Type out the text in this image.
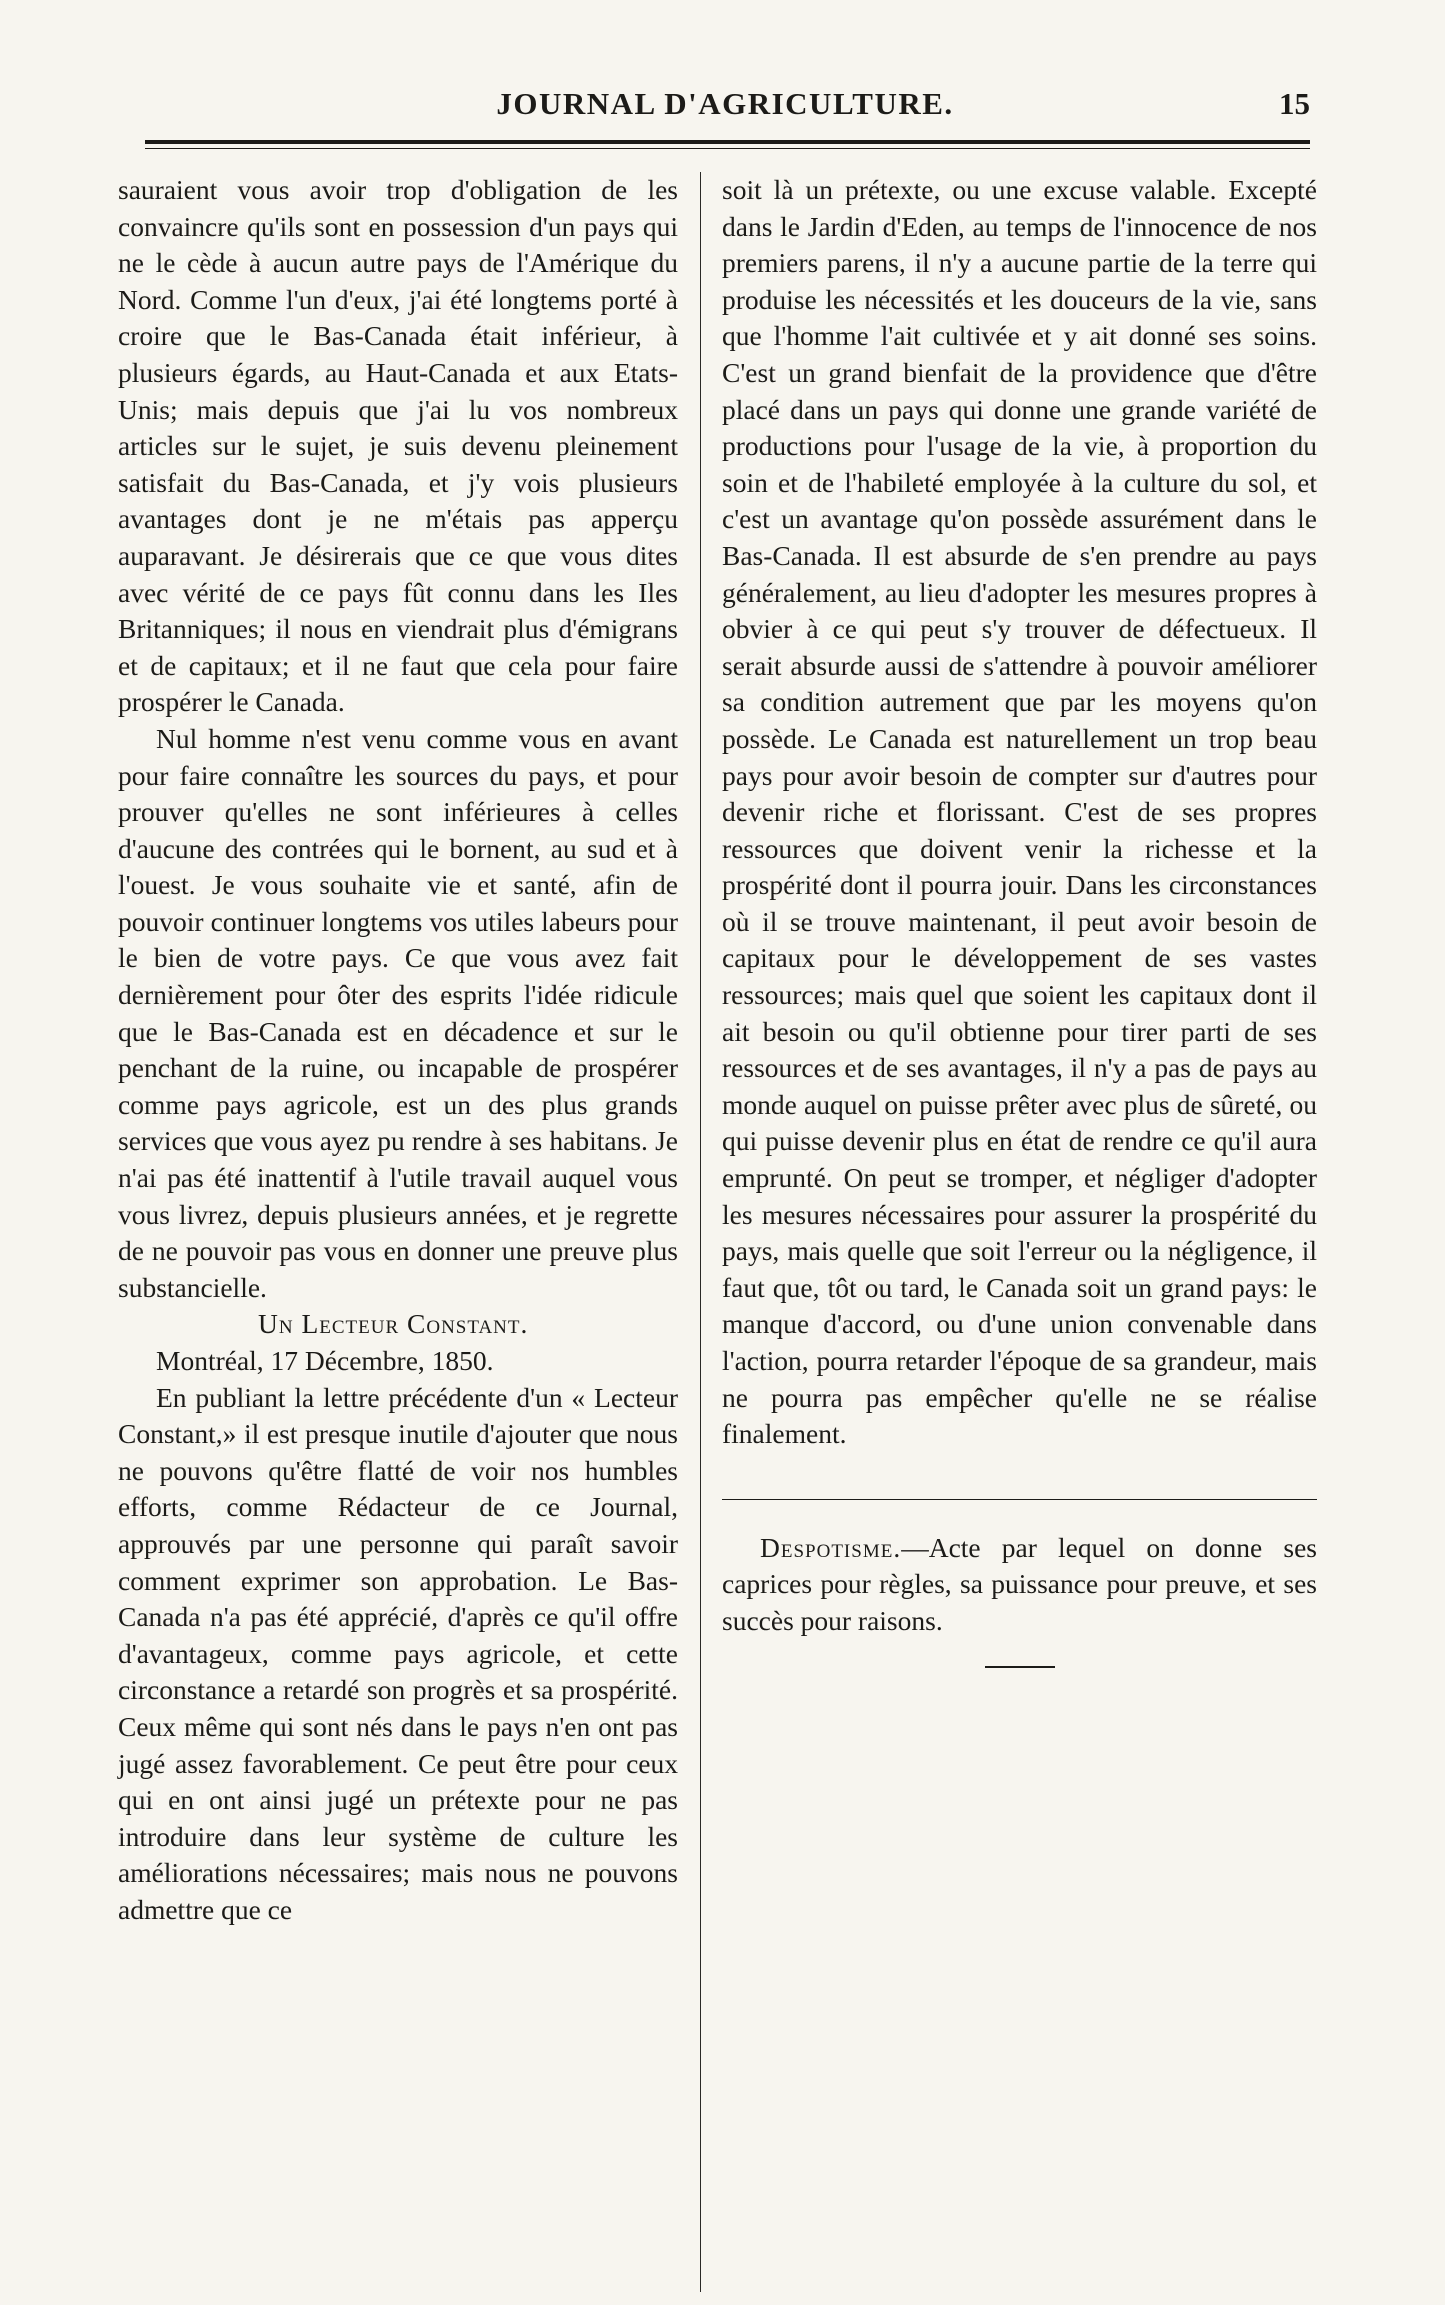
JOURNAL D'AGRICULTURE.	15

sauraient vous avoir trop d'obligation de les convaincre qu'ils sont en possession d'un pays qui ne le cède à aucun autre pays de l'Amérique du Nord. Comme l'un d'eux, j'ai été longtems porté à croire que le Bas-Canada était inférieur, à plusieurs égards, au Haut-Canada et aux Etats-Unis; mais depuis que j'ai lu vos nombreux articles sur le sujet, je suis devenu pleinement satisfait du Bas-Canada, et j'y vois plusieurs avantages dont je ne m'étais pas apperçu auparavant. Je désirerais que ce que vous dites avec vérité de ce pays fût connu dans les Iles Britanniques; il nous en viendrait plus d'émigrans et de capitaux; et il ne faut que cela pour faire prospérer le Canada.

Nul homme n'est venu comme vous en avant pour faire connaître les sources du pays, et pour prouver qu'elles ne sont inférieures à celles d'aucune des contrées qui le bornent, au sud et à l'ouest. Je vous souhaite vie et santé, afin de pouvoir continuer longtems vos utiles labeurs pour le bien de votre pays. Ce que vous avez fait dernièrement pour ôter des esprits l'idée ridicule que le Bas-Canada est en décadence et sur le penchant de la ruine, ou incapable de prospérer comme pays agricole, est un des plus grands services que vous ayez pu rendre à ses habitans. Je n'ai pas été inattentif à l'utile travail auquel vous vous livrez, depuis plusieurs années, et je regrette de ne pouvoir pas vous en donner une preuve plus substancielle.

Un Lecteur Constant.

Montréal, 17 Décembre, 1850.

En publiant la lettre précédente d'un « Lecteur Constant,» il est presque inutile d'ajouter que nous ne pouvons qu'être flatté de voir nos humbles efforts, comme Rédacteur de ce Journal, approuvés par une personne qui paraît savoir comment exprimer son approbation. Le Bas-Canada n'a pas été apprécié, d'après ce qu'il offre d'avantageux, comme pays agricole, et cette circonstance a retardé son progrès et sa prospérité. Ceux même qui sont nés dans le pays n'en ont pas jugé assez favorablement. Ce peut être pour ceux qui en ont ainsi jugé un prétexte pour ne pas introduire dans leur système de culture les améliorations nécessaires; mais nous ne pouvons admettre que ce

soit là un prétexte, ou une excuse valable. Excepté dans le Jardin d'Eden, au temps de l'innocence de nos premiers parens, il n'y a aucune partie de la terre qui produise les nécessités et les douceurs de la vie, sans que l'homme l'ait cultivée et y ait donné ses soins. C'est un grand bienfait de la providence que d'être placé dans un pays qui donne une grande variété de productions pour l'usage de la vie, à proportion du soin et de l'habileté employée à la culture du sol, et c'est un avantage qu'on possède assurément dans le Bas-Canada. Il est absurde de s'en prendre au pays généralement, au lieu d'adopter les mesures propres à obvier à ce qui peut s'y trouver de défectueux. Il serait absurde aussi de s'attendre à pouvoir améliorer sa condition autrement que par les moyens qu'on possède. Le Canada est naturellement un trop beau pays pour avoir besoin de compter sur d'autres pour devenir riche et florissant. C'est de ses propres ressources que doivent venir la richesse et la prospérité dont il pourra jouir. Dans les circonstances où il se trouve maintenant, il peut avoir besoin de capitaux pour le développement de ses vastes ressources; mais quel que soient les capitaux dont il ait besoin ou qu'il obtienne pour tirer parti de ses ressources et de ses avantages, il n'y a pas de pays au monde auquel on puisse prêter avec plus de sûreté, ou qui puisse devenir plus en état de rendre ce qu'il aura emprunté. On peut se tromper, et négliger d'adopter les mesures nécessaires pour assurer la prospérité du pays, mais quelle que soit l'erreur ou la négligence, il faut que, tôt ou tard, le Canada soit un grand pays: le manque d'accord, ou d'une union convenable dans l'action, pourra retarder l'époque de sa grandeur, mais ne pourra pas empêcher qu'elle ne se réalise finalement.

Despotisme.—Acte par lequel on donne ses caprices pour règles, sa puissance pour preuve, et ses succès pour raisons.
